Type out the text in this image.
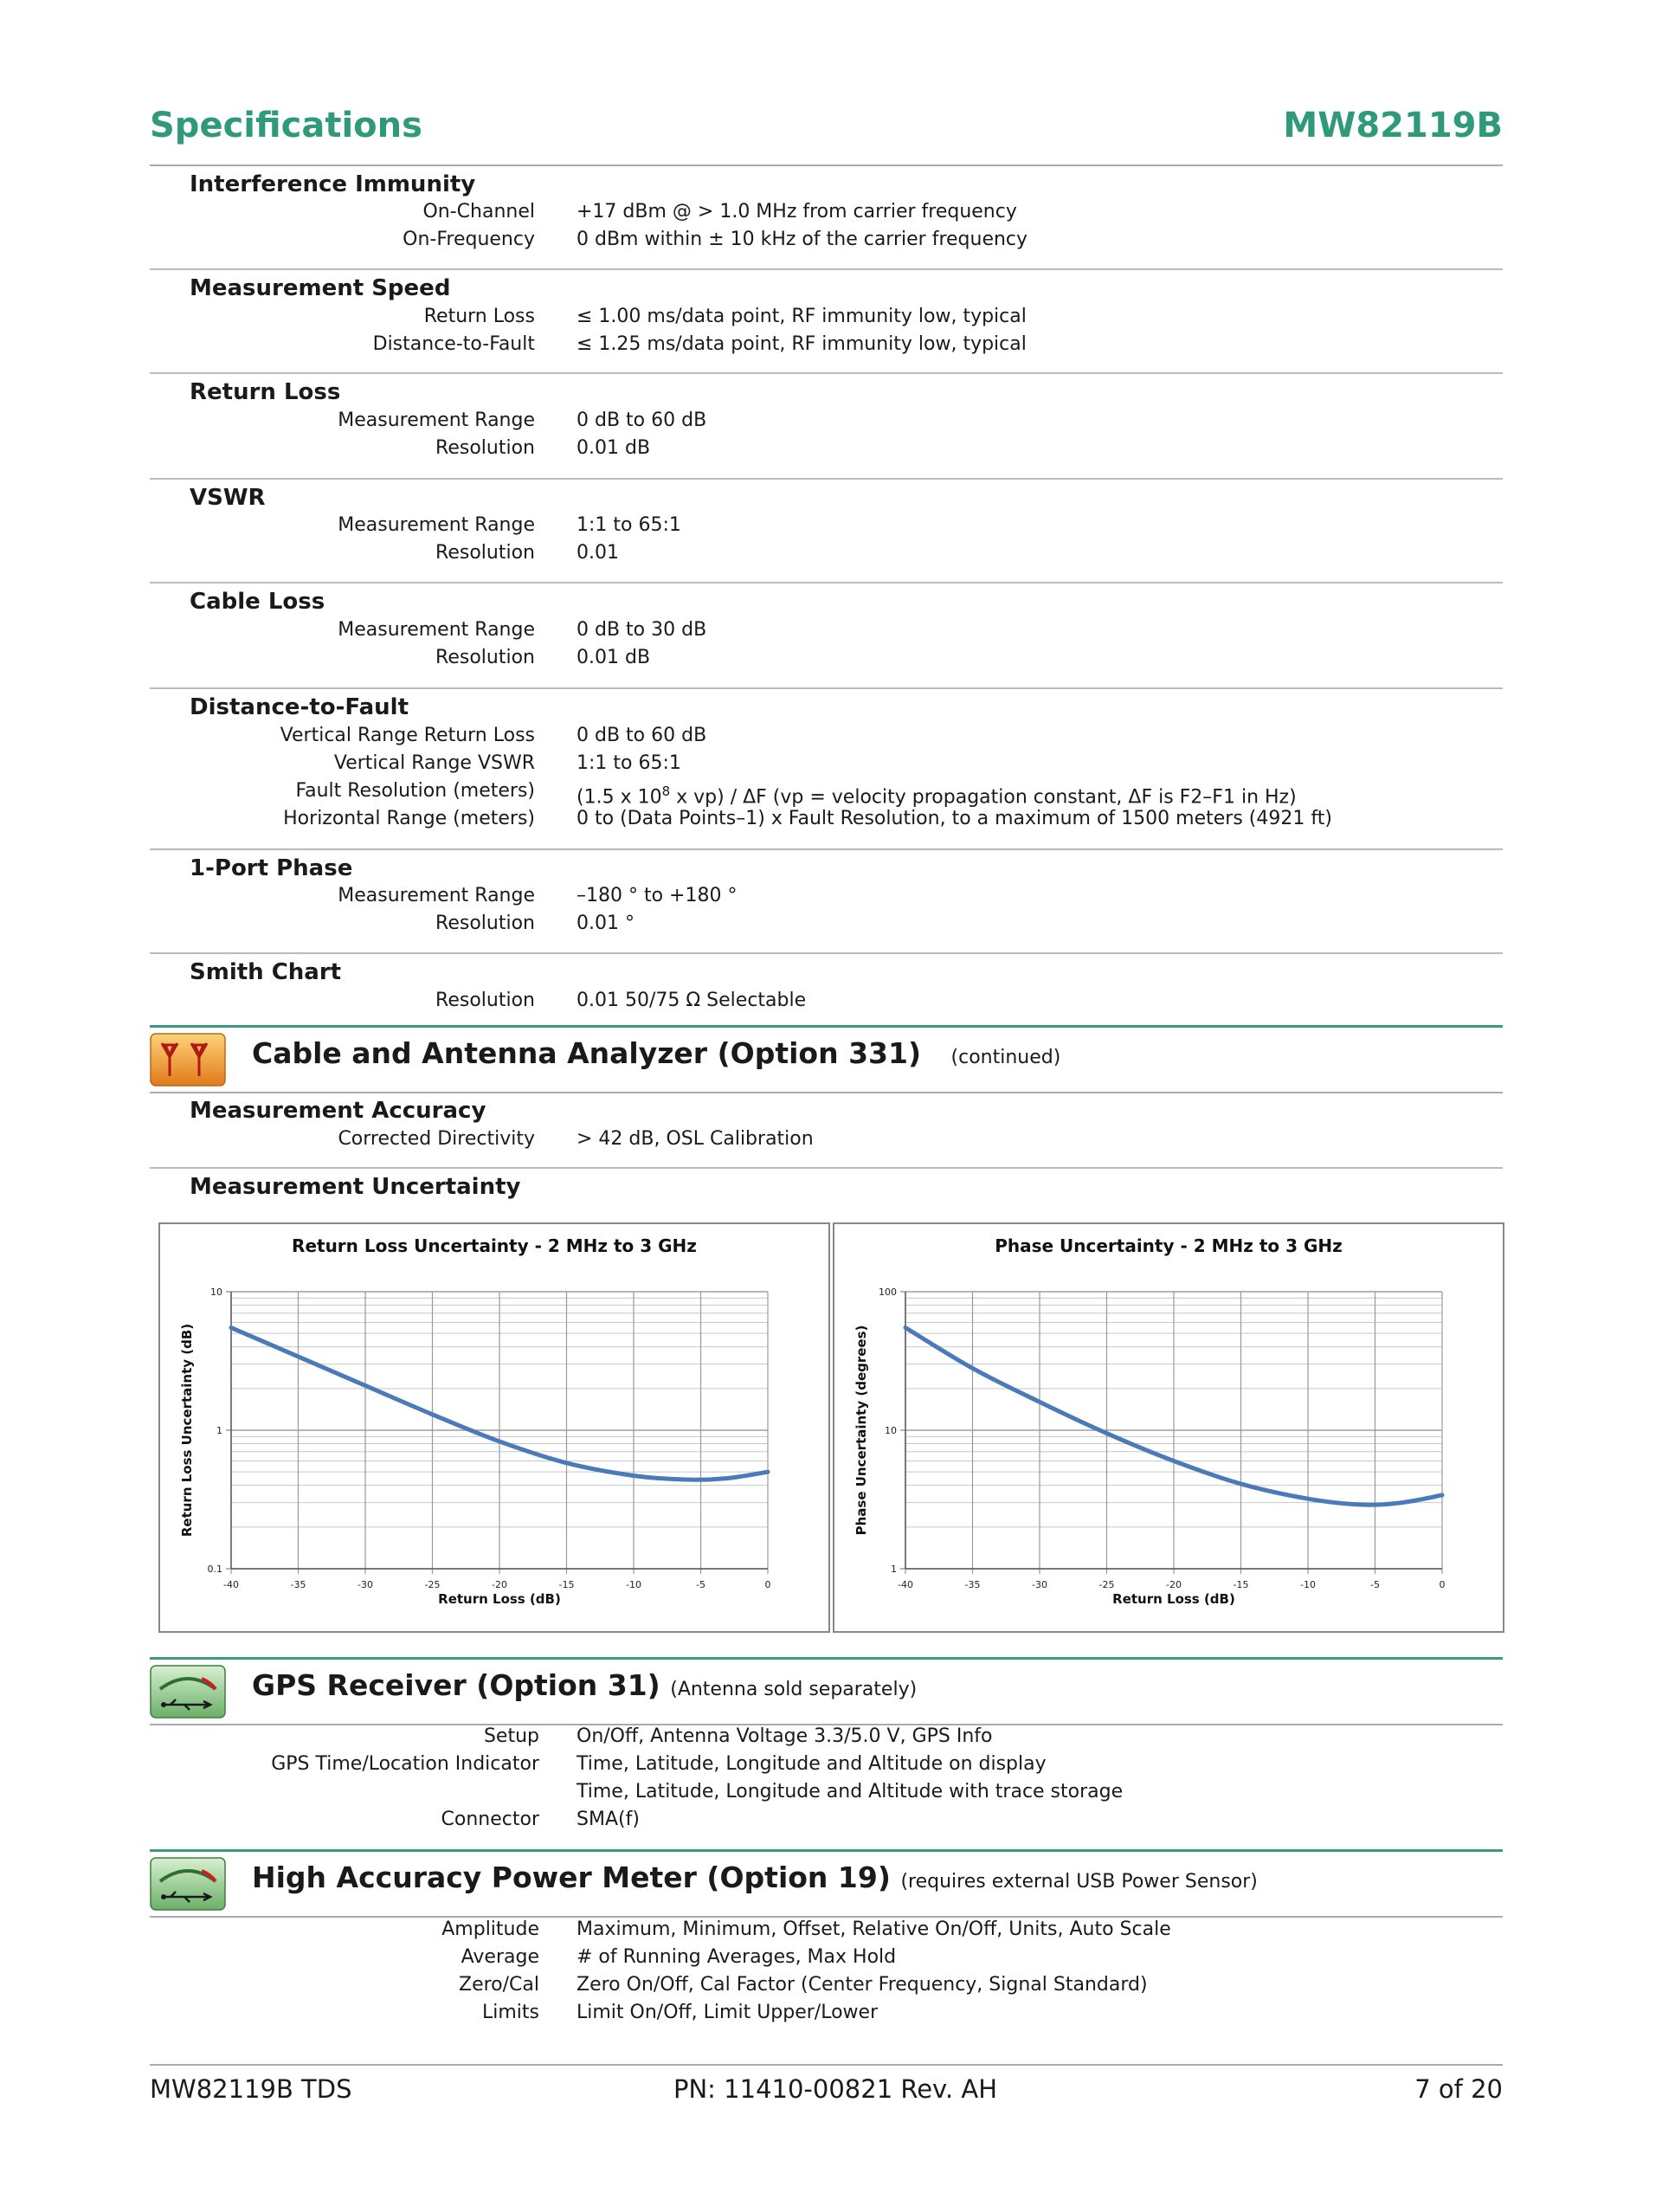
Specifications	MW82119B
Interference Immunity
On-Channel +17 dBm @ > 1.0 MHz from carrier frequency
On-Frequency 0 dBm within ± 10 kHz of the carrier frequency
Measurement Speed
Return Loss ≤ 1.00 ms/data point, RF immunity low, typical
Distance-to-Fault ≤ 1.25 ms/data point, RF immunity low, typical
Return Loss
Measurement Range 0 dB to 60 dB
Resolution 0.01 dB
VSWR
Measurement Range 1:1 to 65:1
Resolution 0.01
Cable Loss
Measurement Range 0 dB to 30 dB
Resolution 0.01 dB
Distance-to-Fault
Vertical Range Return Loss 0 dB to 60 dB
Vertical Range VSWR 1:1 to 65:1
Fault Resolution (meters) (1.5 x $10^8$ x vp) / ΔF (vp = velocity propagation constant, ΔF is F2–F1 in Hz)
Horizontal Range (meters) 0 to (Data Points–1) x Fault Resolution, to a maximum of 1500 meters (4921 ft)
1-Port Phase
Measurement Range –180 ° to +180 °
Resolution 0.01 °
Smith Chart
Resolution 0.01 50/75 Ω Selectable
Cable and Antenna Analyzer (Option 331) (continued)
Measurement Accuracy
Corrected Directivity > 42 dB, OSL Calibration
Measurement Uncertainty
Return Loss Uncertainty - 2 MHz to 3 GHz
-40	-35	-30	-25	-20	-15	-10	-5	0
10
1
0.1
Return Loss (dB)
Return Loss Uncertainty (dB)
Phase Uncertainty - 2 MHz to 3 GHz
-40	-35	-30	-25	-20	-15	-10	-5	0
100
10
1
Return Loss (dB)
Phase Uncertainty (degrees)
GPS Receiver (Option 31) (Antenna sold separately)
Setup On/Off, Antenna Voltage 3.3/5.0 V, GPS Info
GPS Time/Location Indicator Time, Latitude, Longitude and Altitude on display
Time, Latitude, Longitude and Altitude with trace storage
Connector SMA(f)
High Accuracy Power Meter (Option 19) (requires external USB Power Sensor)
Amplitude Maximum, Minimum, Offset, Relative On/Off, Units, Auto Scale
Average # of Running Averages, Max Hold
Zero/Cal Zero On/Off, Cal Factor (Center Frequency, Signal Standard)
Limits Limit On/Off, Limit Upper/Lower
MW82119B TDS	PN: 11410-00821 Rev. AH	7 of 20
